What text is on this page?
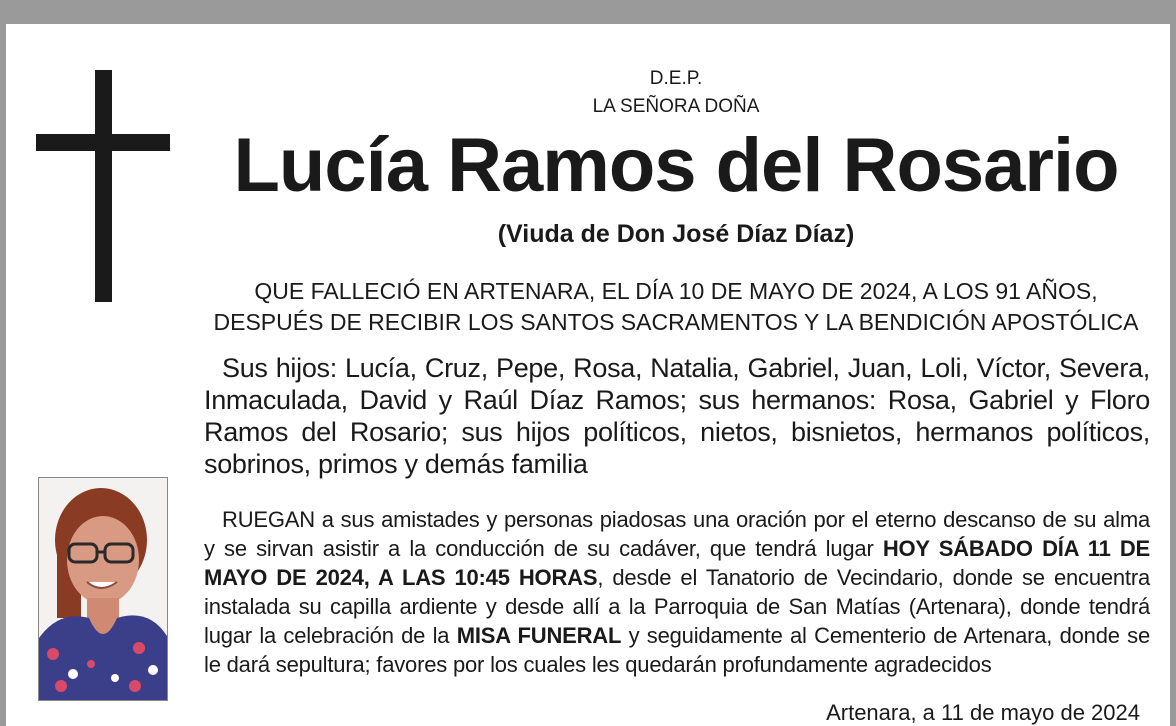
D.E.P.
LA SEÑORA DOÑA
Lucía Ramos del Rosario
(Viuda de Don José Díaz Díaz)
QUE FALLECIÓ EN ARTENARA, EL DÍA 10 DE MAYO DE 2024, A LOS 91 AÑOS,
DESPUÉS DE RECIBIR LOS SANTOS SACRAMENTOS Y LA BENDICIÓN APOSTÓLICA
Sus hijos: Lucía, Cruz, Pepe, Rosa, Natalia, Gabriel, Juan, Loli, Víctor, Severa, Inmaculada, David y Raúl Díaz Ramos; sus hermanos: Rosa, Gabriel y Floro Ramos del Rosario; sus hijos políticos, nietos, bisnietos, hermanos políticos, sobrinos, primos y demás familia
RUEGAN a sus amistades y personas piadosas una oración por el eterno descanso de su alma y se sirvan asistir a la conducción de su cadáver, que tendrá lugar HOY SÁBADO DÍA 11 DE MAYO DE 2024, A LAS 10:45 HORAS, desde el Tanatorio de Vecindario, donde se encuentra instalada su capilla ardiente y desde allí a la Parroquia de San Matías (Artenara), donde tendrá lugar la celebración de la MISA FUNERAL y seguidamente al Cementerio de Artenara, donde se le dará sepultura; favores por los cuales les quedarán profundamente agradecidos
Artenara, a 11 de mayo de 2024
